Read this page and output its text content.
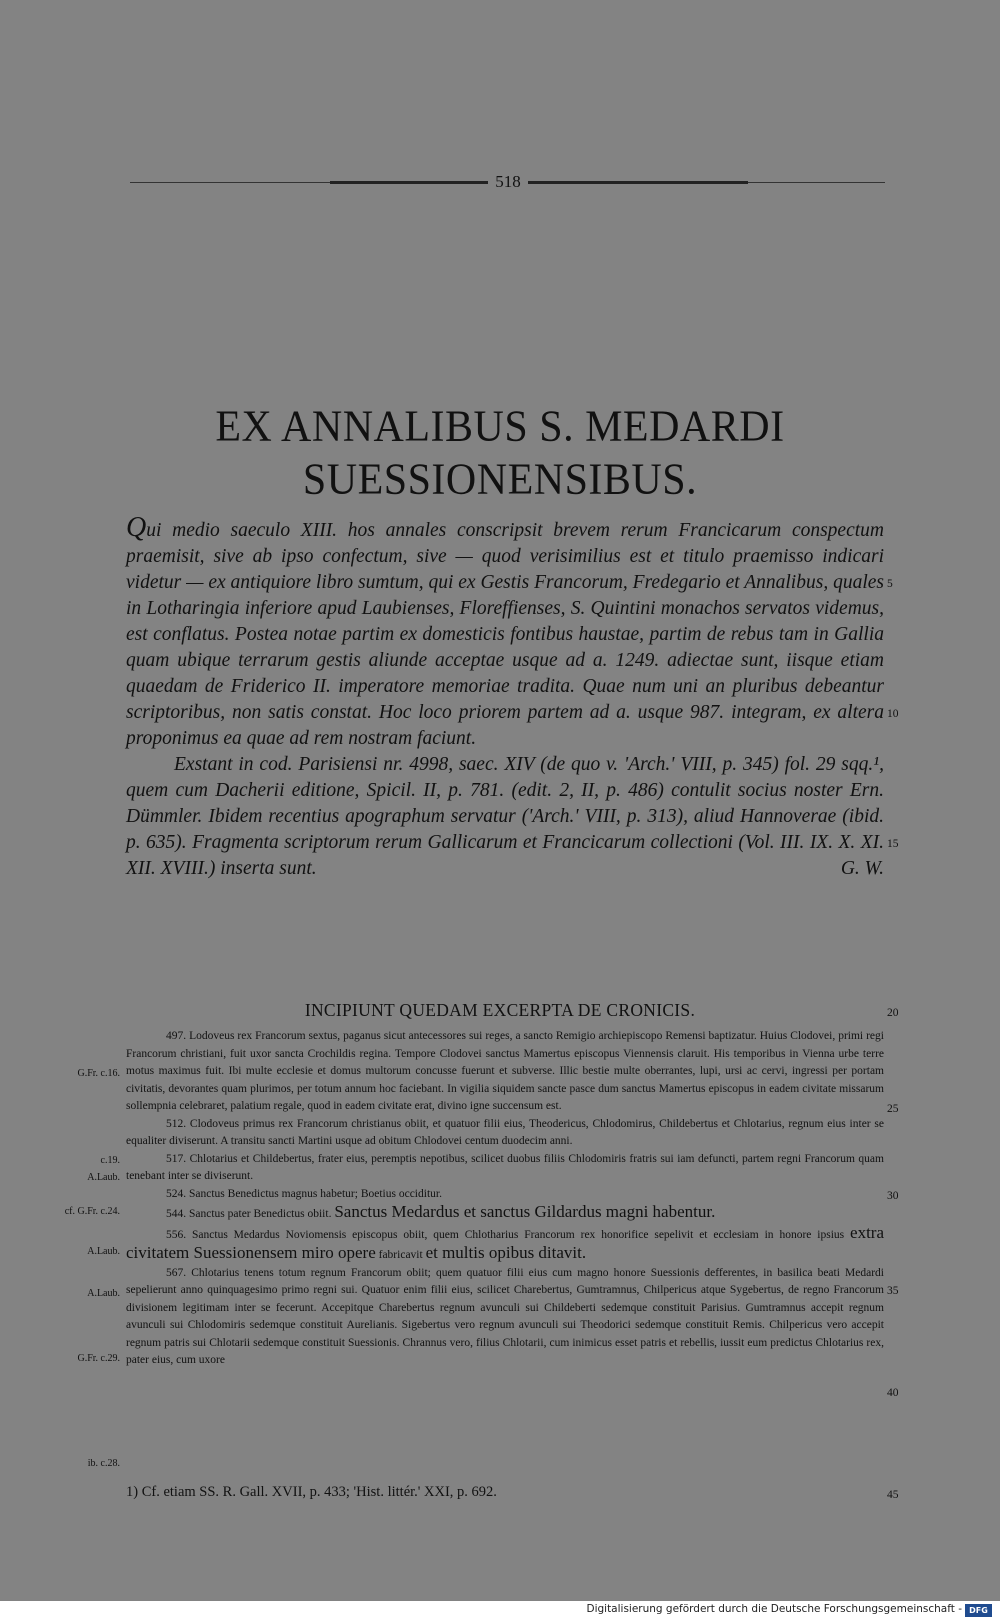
518
EX ANNALIBUS S. MEDARDI
SUESSIONENSIBUS.

Qui medio saeculo XIII. hos annales conscripsit brevem rerum Francicarum conspectum praemisit, sive ab ipso confectum, sive — quod verisimilius est et titulo praemisso indicari videtur — ex antiquiore libro sumtum, qui ex Gestis Francorum, Fredegario et Annalibus, quales in Lotharingia inferiore apud Laubienses, Floreffienses, S. Quintini monachos servatos videmus, est conflatus. Postea notae partim ex domesticis fontibus haustae, partim de rebus tam in Gallia quam ubique terrarum gestis aliunde acceptae usque ad a. 1249. adiectae sunt, iisque etiam quaedam de Friderico II. imperatore memoriae tradita. Quae num uni an pluribus debeantur scriptoribus, non satis constat. Hoc loco priorem partem ad a. usque 987. integram, ex altera proponimus ea quae ad rem nostram faciunt.

Exstant in cod. Parisiensi nr. 4998, saec. XIV (de quo v. 'Arch.' VIII, p. 345) fol. 29 sqq.¹, quem cum Dacherii editione, Spicil. II, p. 781. (edit. 2, II, p. 486) contulit socius noster Ern. Dümmler. Ibidem recentius apographum servatur ('Arch.' VIII, p. 313), aliud Hannoverae (ibid. p. 635). Fragmenta scriptorum rerum Gallicarum et Francicarum collectioni (Vol. III. IX. X. XI. XII. XVIII.) inserta sunt.	G. W.

INCIPIUNT QUEDAM EXCERPTA DE CRONICIS.

497. Lodoveus rex Francorum sextus, paganus sicut antecessores sui reges, a sancto Remigio archiepiscopo Remensi baptizatur. Huius Clodovei, primi regi Francorum christiani, fuit uxor sancta Crochildis regina. Tempore Clodovei sanctus Mamertus episcopus Viennensis claruit. His temporibus in Vienna urbe terre motus maximus fuit. Ibi multe ecclesie et domus multorum concusse fuerunt et subverse. Illic bestie multe oberrantes, lupi, ursi ac cervi, ingressi per portam civitatis, devorantes quam plurimos, per totum annum hoc faciebant. In vigilia siquidem sancte pasce dum sanctus Mamertus episcopus in eadem civitate missarum sollempnia celebraret, palatium regale, quod in eadem civitate erat, divino igne succensum est.

512. Clodoveus primus rex Francorum christianus obiit, et quatuor filii eius, Theodericus, Chlodomirus, Childebertus et Chlotarius, regnum eius inter se equaliter diviserunt. A transitu sancti Martini usque ad obitum Chlodovei centum duodecim anni.

517. Chlotarius et Childebertus, frater eius, peremptis nepotibus, scilicet duobus filiis Chlodomiris fratris sui iam defuncti, partem regni Francorum quam tenebant inter se diviserunt.

524. Sanctus Benedictus magnus habetur; Boetius occiditur.

544. Sanctus pater Benedictus obiit. Sanctus Medardus et sanctus Gildardus magni habentur.

556. Sanctus Medardus Noviomensis episcopus obiit, quem Chlotharius Francorum rex honorifice sepelivit et ecclesiam in honore ipsius extra civitatem Suessionensem miro opere fabricavit et multis opibus ditavit.

567. Chlotarius tenens totum regnum Francorum obiit; quem quatuor filii eius cum magno honore Suessionis defferentes, in basilica beati Medardi sepelierunt anno quinquagesimo primo regni sui. Quatuor enim filii eius, scilicet Charebertus, Gumtramnus, Chilpericus atque Sygebertus, de regno Francorum divisionem legitimam inter se fecerunt. Accepitque Charebertus regnum avunculi sui Childeberti sedemque constituit Parisius. Gumtramnus accepit regnum avunculi sui Chlodomiris sedemque constituit Aurelianis. Sigebertus vero regnum avunculi sui Theodorici sedemque constituit Remis. Chilpericus vero accepit regnum patris sui Chlotarii sedemque constituit Suessionis. Chrannus vero, filius Chlotarii, cum inimicus esset patris et rebellis, iussit eum predictus Chlotarius rex, pater eius, cum uxore

1) Cf. etiam SS. R. Gall. XVII, p. 433; 'Hist. littér.' XXI, p. 692.
G.Fr. c.16.
c.19.
A.Laub.
cf. G.Fr. c.24.
A.Laub.
A.Laub.
G.Fr. c.29.
ib. c.28.
5
10
15
20
25
30
35
40
45
Digitalisierung gefördert durch die Deutsche Forschungsgemeinschaft - DFG
